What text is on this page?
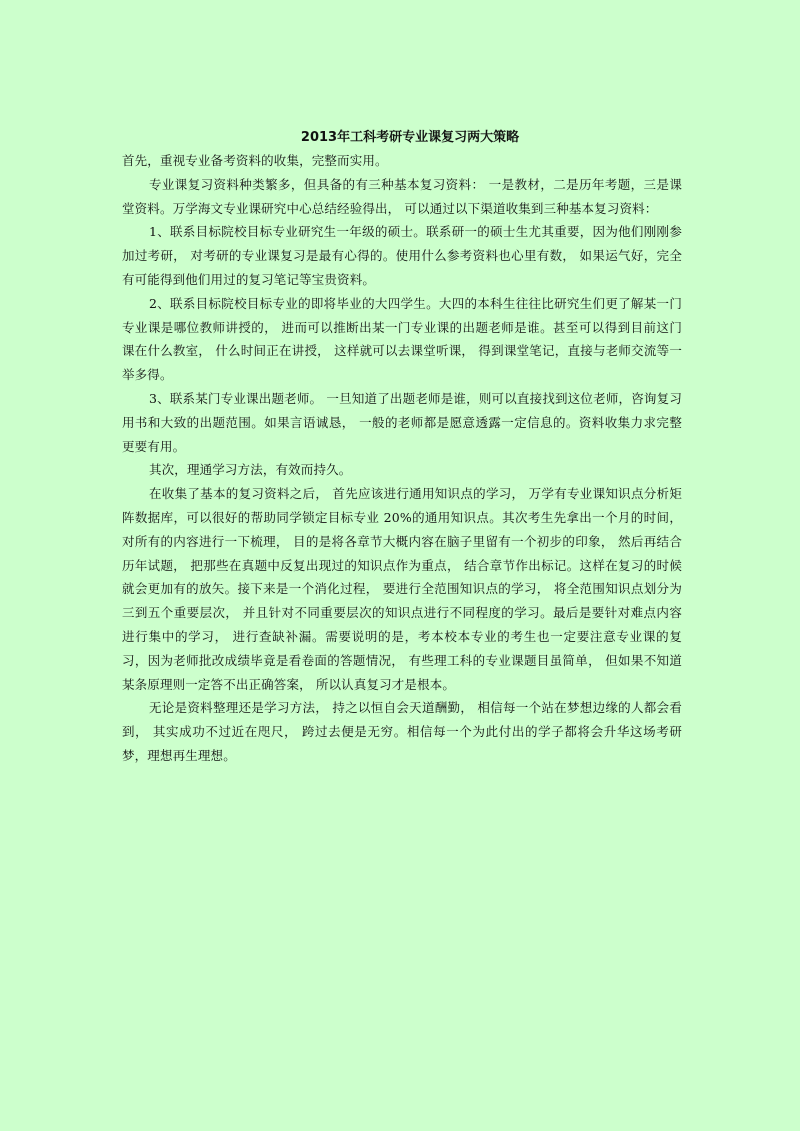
2013年工科考研专业课复习两大策略

首先，重视专业备考资料的收集，完整而实用。

专业课复习资料种类繁多，但具备的有三种基本复习资料： 一是教材，二是历年考题，三是课堂资料。万学海文专业课研究中心总结经验得出， 可以通过以下渠道收集到三种基本复习资料：

1、联系目标院校目标专业研究生一年级的硕士。联系研一的硕士生尤其重要，因为他们刚刚参加过考研， 对考研的专业课复习是最有心得的。使用什么参考资料也心里有数， 如果运气好，完全有可能得到他们用过的复习笔记等宝贵资料。

2、联系目标院校目标专业的即将毕业的大四学生。大四的本科生往往比研究生们更了解某一门专业课是哪位教师讲授的， 进而可以推断出某一门专业课的出题老师是谁。甚至可以得到目前这门课在什么教室， 什么时间正在讲授， 这样就可以去课堂听课， 得到课堂笔记，直接与老师交流等一举多得。

3、联系某门专业课出题老师。 一旦知道了出题老师是谁，则可以直接找到这位老师，咨询复习用书和大致的出题范围。如果言语诚恳， 一般的老师都是愿意透露一定信息的。资料收集力求完整更要有用。

其次，理通学习方法，有效而持久。

在收集了基本的复习资料之后， 首先应该进行通用知识点的学习， 万学有专业课知识点分析矩阵数据库，可以很好的帮助同学锁定目标专业 20%的通用知识点。其次考生先拿出一个月的时间， 对所有的内容进行一下梳理， 目的是将各章节大概内容在脑子里留有一个初步的印象， 然后再结合历年试题， 把那些在真题中反复出现过的知识点作为重点， 结合章节作出标记。这样在复习的时候就会更加有的放矢。接下来是一个消化过程， 要进行全范围知识点的学习， 将全范围知识点划分为三到五个重要层次， 并且针对不同重要层次的知识点进行不同程度的学习。最后是要针对难点内容进行集中的学习， 进行查缺补漏。需要说明的是，考本校本专业的考生也一定要注意专业课的复习，因为老师批改成绩毕竟是看卷面的答题情况， 有些理工科的专业课题目虽简单， 但如果不知道某条原理则一定答不出正确答案， 所以认真复习才是根本。

无论是资料整理还是学习方法， 持之以恒自会天道酬勤， 相信每一个站在梦想边缘的人都会看到， 其实成功不过近在咫尺， 跨过去便是无穷。相信每一个为此付出的学子都将会升华这场考研梦，理想再生理想。
